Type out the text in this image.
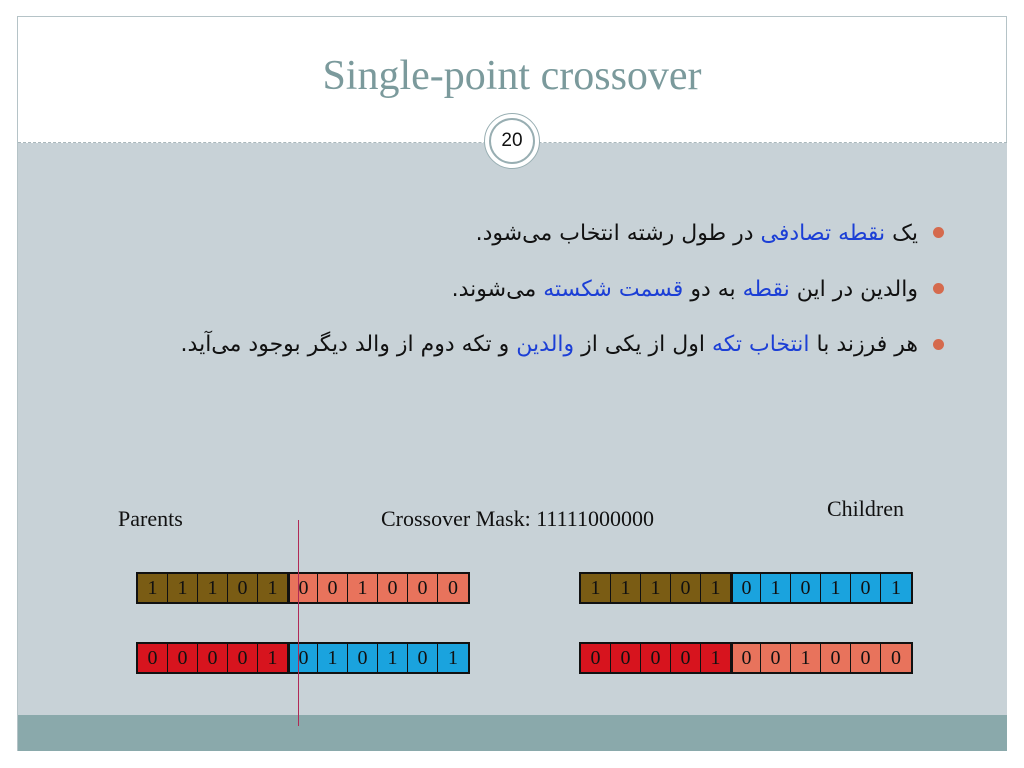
Single-point crossover
20
یک نقطه تصادفی در طول رشته انتخاب می‌شود.
والدین در این نقطه به دو قسمت شکسته می‌شوند.
هر فرزند با انتخاب تکه اول از یکی از والدین و تکه دوم از والد دیگر بوجود می‌آید.
Parents	Crossover Mask: 11111000000	Children
1	1	1	0	1	0 0	1	0	0	0
0	0	0	0	1	0 1	0	1	0	1
1	1	1	0	1	0 1	0	1	0	1
0	0	0	0	1	0 0	1	0	0	0
